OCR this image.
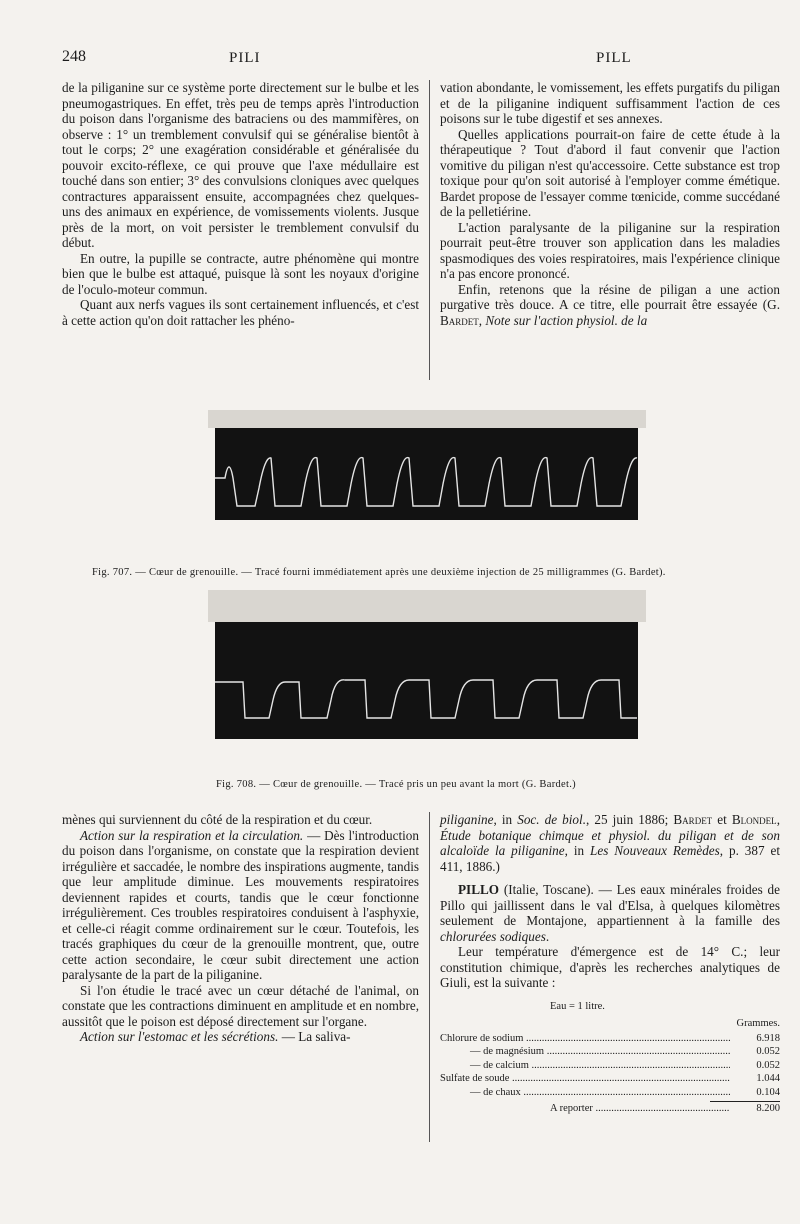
248	PILI	PILL

de la piliganine sur ce système porte directement sur le bulbe et les pneumogastriques. En effet, très peu de temps après l'introduction du poison dans l'organisme des batraciens ou des mammifères, on observe : 1° un tremblement convulsif qui se généralise bientôt à tout le corps; 2° une exagération considérable et généralisée du pouvoir excito-réflexe, ce qui prouve que l'axe médullaire est touché dans son entier; 3° des convulsions cloniques avec quelques contractures apparaissent ensuite, accompagnées chez quelques-uns des animaux en expérience, de vomissements violents. Jusque près de la mort, on voit persister le tremblement convulsif du début.

En outre, la pupille se contracte, autre phénomène qui montre bien que le bulbe est attaqué, puisque là sont les noyaux d'origine de l'oculo-moteur commun.

Quant aux nerfs vagues ils sont certainement influencés, et c'est à cette action qu'on doit rattacher les phéno-

vation abondante, le vomissement, les effets purgatifs du piligan et de la piliganine indiquent suffisamment l'action de ces poisons sur le tube digestif et ses annexes.

Quelles applications pourrait-on faire de cette étude à la thérapeutique ? Tout d'abord il faut convenir que l'action vomitive du piligan n'est qu'accessoire. Cette substance est trop toxique pour qu'on soit autorisé à l'employer comme émétique. Bardet propose de l'essayer comme tœnicide, comme succédané de la pelletiérine.

L'action paralysante de la piliganine sur la respiration pourrait peut-être trouver son application dans les maladies spasmodiques des voies respiratoires, mais l'expérience clinique n'a pas encore prononcé.

Enfin, retenons que la résine de piligan a une action purgative très douce. A ce titre, elle pourrait être essayée (G. Bardet, Note sur l'action physiol. de la

Fig. 707. — Cœur de grenouille. — Tracé fourni immédiatement après une deuxième injection de 25 milligrammes (G. Bardet).
Fig. 708. — Cœur de grenouille. — Tracé pris un peu avant la mort (G. Bardet.)

mènes qui surviennent du côté de la respiration et du cœur.

Action sur la respiration et la circulation. — Dès l'introduction du poison dans l'organisme, on constate que la respiration devient irrégulière et saccadée, le nombre des inspirations augmente, tandis que leur amplitude diminue. Les mouvements respiratoires deviennent rapides et courts, tandis que le cœur fonctionne irrégulièrement. Ces troubles respiratoires conduisent à l'asphyxie, et celle-ci réagit comme ordinairement sur le cœur. Toutefois, les tracés graphiques du cœur de la grenouille montrent, que, outre cette action secondaire, le cœur subit directement une action paralysante de la part de la piliganine.

Si l'on étudie le tracé avec un cœur détaché de l'animal, on constate que les contractions diminuent en amplitude et en nombre, aussitôt que le poison est déposé directement sur l'organe.

Action sur l'estomac et les sécrétions. — La saliva-

piliganine, in Soc. de biol., 25 juin 1886; Bardet et Blondel, Étude botanique chimque et physiol. du piligan et de son alcaloïde la piliganine, in Les Nouveaux Remèdes, p. 387 et 411, 1886.)

PILLO (Italie, Toscane). — Les eaux minérales froides de Pillo qui jaillissent dans le val d'Elsa, à quelques kilomètres seulement de Montajone, appartiennent à la famille des chlorurées sodiques.

Leur température d'émergence est de 14° C.; leur constitution chimique, d'après les recherches analytiques de Giuli, est la suivante :

Eau = 1 litre.
Grammes.
Chlorure de sodium .....	6.918
— de magnésium .....	0.052
— de calcium .....	0.052
Sulfate de soude .....	1.044
— de chaux .....	0.104
A reporter .....	8.200
